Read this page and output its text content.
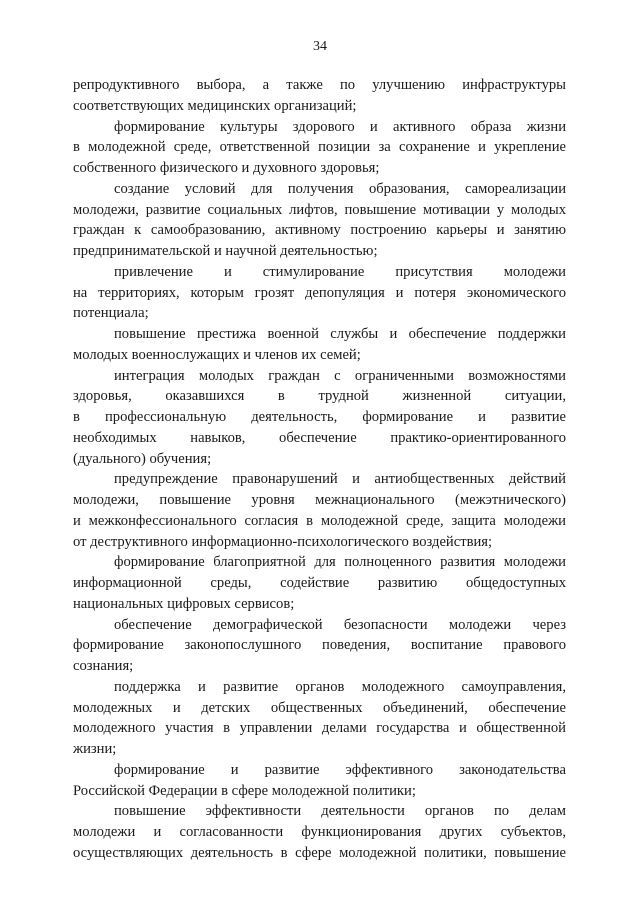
34
репродуктивного выбора, а также по улучшению инфраструктуры
соответствующих медицинских организаций;
формирование культуры здорового и активного образа жизни
в молодежной среде, ответственной позиции за сохранение и укрепление
собственного физического и духовного здоровья;
создание условий для получения образования, самореализации
молодежи, развитие социальных лифтов, повышение мотивации у молодых
граждан к самообразованию, активному построению карьеры и занятию
предпринимательской и научной деятельностью;
привлечение и стимулирование присутствия молодежи
на территориях, которым грозят депопуляция и потеря экономического
потенциала;
повышение престижа военной службы и обеспечение поддержки
молодых военнослужащих и членов их семей;
интеграция молодых граждан с ограниченными возможностями
здоровья, оказавшихся в трудной жизненной ситуации,
в профессиональную деятельность, формирование и развитие
необходимых навыков, обеспечение практико-ориентированного
(дуального) обучения;
предупреждение правонарушений и антиобщественных действий
молодежи, повышение уровня межнационального (межэтнического)
и межконфессионального согласия в молодежной среде, защита молодежи
от деструктивного информационно-психологического воздействия;
формирование благоприятной для полноценного развития молодежи
информационной среды, содействие развитию общедоступных
национальных цифровых сервисов;
обеспечение демографической безопасности молодежи через
формирование законопослушного поведения, воспитание правового
сознания;
поддержка и развитие органов молодежного самоуправления,
молодежных и детских общественных объединений, обеспечение
молодежного участия в управлении делами государства и общественной
жизни;
формирование и развитие эффективного законодательства
Российской Федерации в сфере молодежной политики;
повышение эффективности деятельности органов по делам
молодежи и согласованности функционирования других субъектов,
осуществляющих деятельность в сфере молодежной политики, повышение
